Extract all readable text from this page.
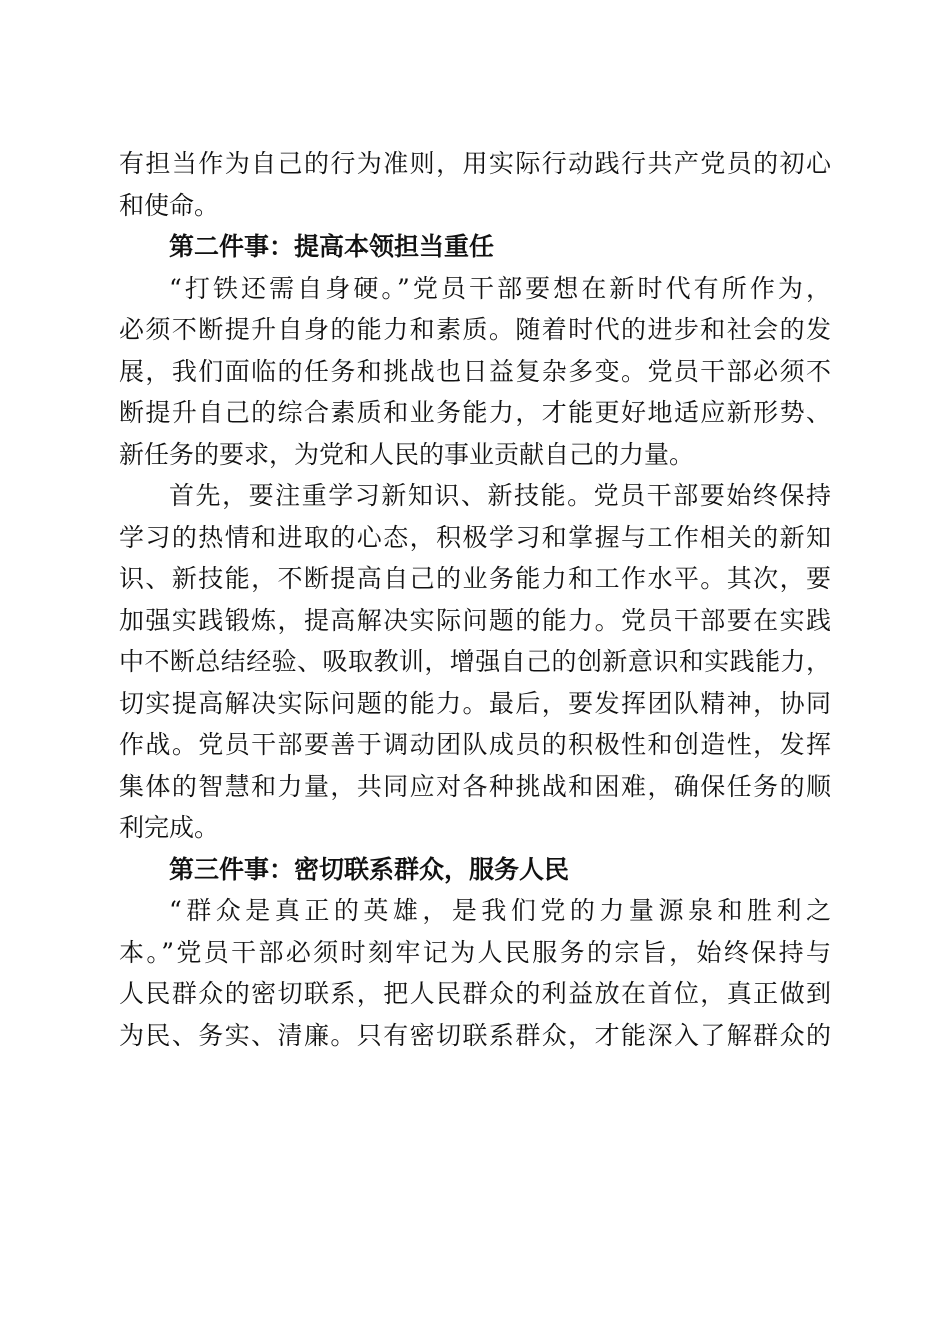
有担当作为自己的行为准则，用实际行动践行共产党员的初心
和使命。
第二件事：提高本领担当重任
“打铁还需自身硬。”党员干部要想在新时代有所作为，
必须不断提升自身的能力和素质。随着时代的进步和社会的发
展，我们面临的任务和挑战也日益复杂多变。党员干部必须不
断提升自己的综合素质和业务能力，才能更好地适应新形势、
新任务的要求，为党和人民的事业贡献自己的力量。
首先，要注重学习新知识、新技能。党员干部要始终保持
学习的热情和进取的心态，积极学习和掌握与工作相关的新知
识、新技能，不断提高自己的业务能力和工作水平。其次，要
加强实践锻炼，提高解决实际问题的能力。党员干部要在实践
中不断总结经验、吸取教训，增强自己的创新意识和实践能力，
切实提高解决实际问题的能力。最后，要发挥团队精神，协同
作战。党员干部要善于调动团队成员的积极性和创造性，发挥
集体的智慧和力量，共同应对各种挑战和困难，确保任务的顺
利完成。
第三件事：密切联系群众，服务人民
“群众是真正的英雄，是我们党的力量源泉和胜利之
本。”党员干部必须时刻牢记为人民服务的宗旨，始终保持与
人民群众的密切联系，把人民群众的利益放在首位，真正做到
为民、务实、清廉。只有密切联系群众，才能深入了解群众的
